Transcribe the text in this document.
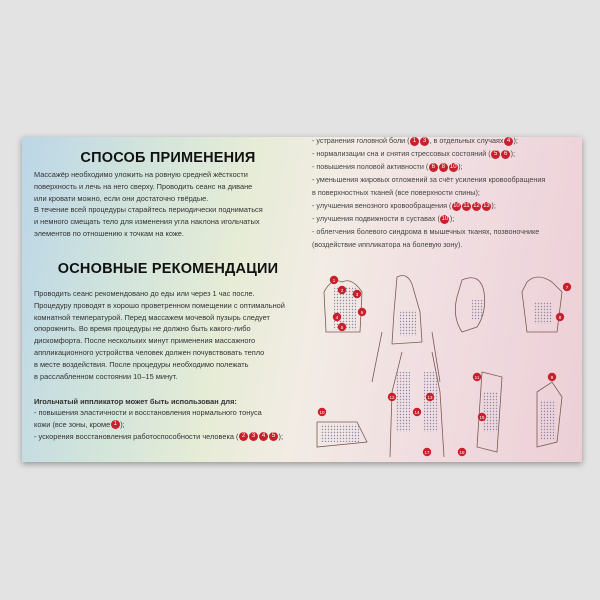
СПОСОБ ПРИМЕНЕНИЯ
Массажёр необходимо уложить на ровную средней жёсткости
поверхность и лечь на него сверху. Проводить сеанс на диване
или кровати можно, если они достаточно твёрдые.
В течение всей процедуры старайтесь периодически подниматься
и немного смещать тело для изменения угла наклона игольчатых
элементов по отношению к точкам на коже.
ОСНОВНЫЕ РЕКОМЕНДАЦИИ
Проводить сеанс рекомендовано до еды или через 1 час после.
Процедуру проводят в хорошо проветренном помещении с оптимальной
комнатной температурой. Перед массажем мочевой пузырь следует
опорожнить. Во время процедуры не должно быть какого-либо
дискомфорта. После нескольких минут применения массажного
аппликационного устройства человек должен почувствовать тепло
в месте воздействия. После процедуры необходимо полежать
в расслабленном состоянии 10–15 минут.
Игольчатый иппликатор может быть использован для:
- повышения эластичности и восстановления нормального тонуса
кожи (все зоны, кроме 1 );
- ускорения восстановления работоспособности человека ( 2 3 4 5 );
- устранения головной боли ( 1 3 , в отдельных случаях 4 );
- нормализации сна и снятия стрессовых состояний ( 5 6 );
- повышения половой активности ( 6 8 10 );
- уменьшения жировых отложений за счёт усиления кровообращения
в поверхностных тканей (все поверхности спины);
- улучшения венозного кровообращения ( 10 11 12 13 );
- улучшения подвижности в суставах ( 10 );
- облегчения болевого синдрома в мышечных тканях, позвоночнике
(воздействие иппликатора на болевую зону).
1
2
3
4
5
6
7
8
9
10
11
12	13
14
15
16
17
